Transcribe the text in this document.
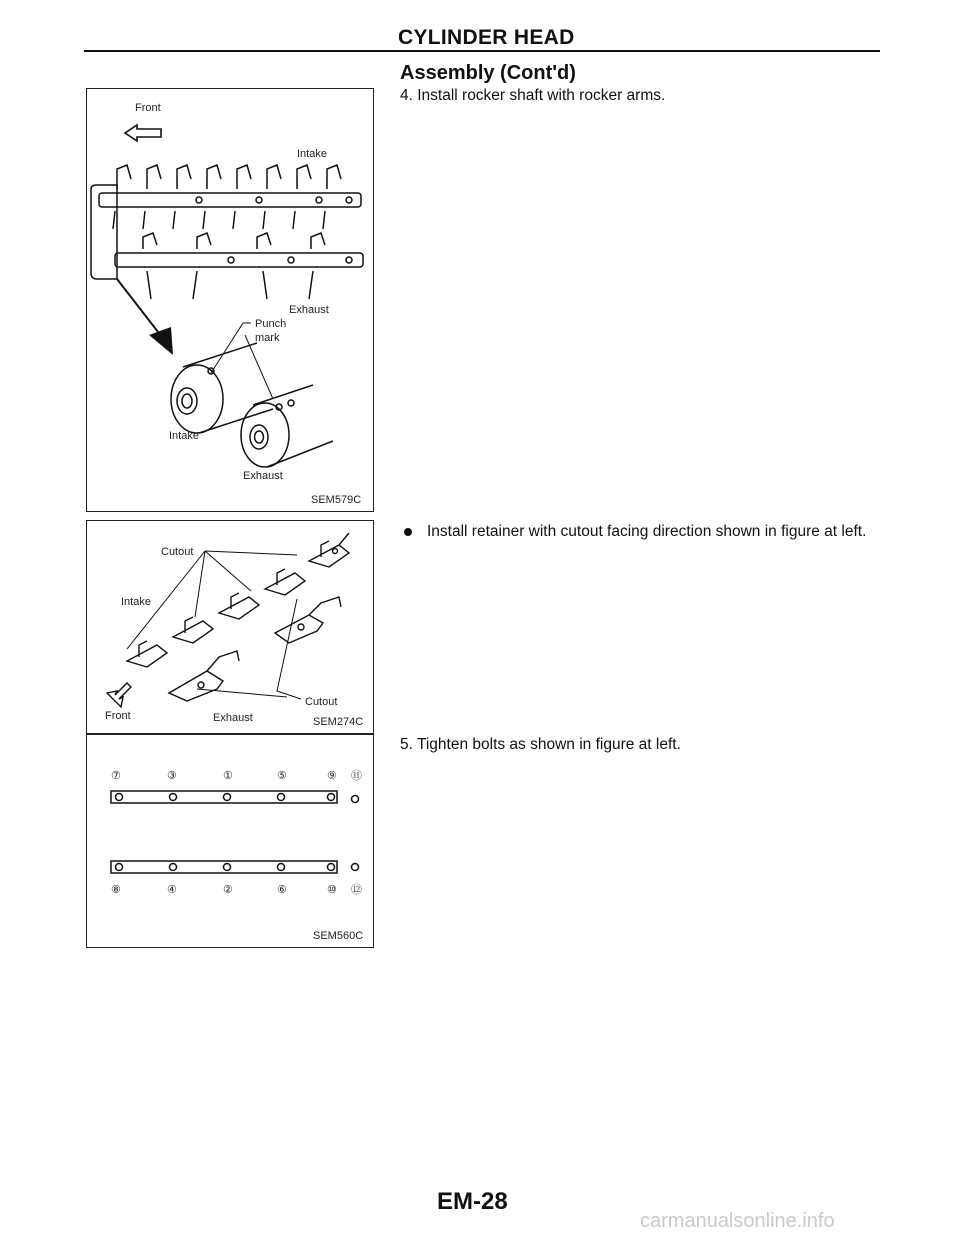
CYLINDER HEAD
Assembly (Cont'd)
4. Install rocker shaft with rocker arms.
Install retainer with cutout facing direction shown in figure at left.
5. Tighten bolts as shown in figure at left.
Front
Intake
Exhaust
Punch
mark
Intake
Exhaust
SEM579C
Cutout
Intake
Front	Exhaust
Cutout
SEM274C
⑦	③	①	⑤	⑨ ⑪
⑧	④	②	⑥	⑩ ⑫
SEM560C
EM-28
carmanualsonline.info
